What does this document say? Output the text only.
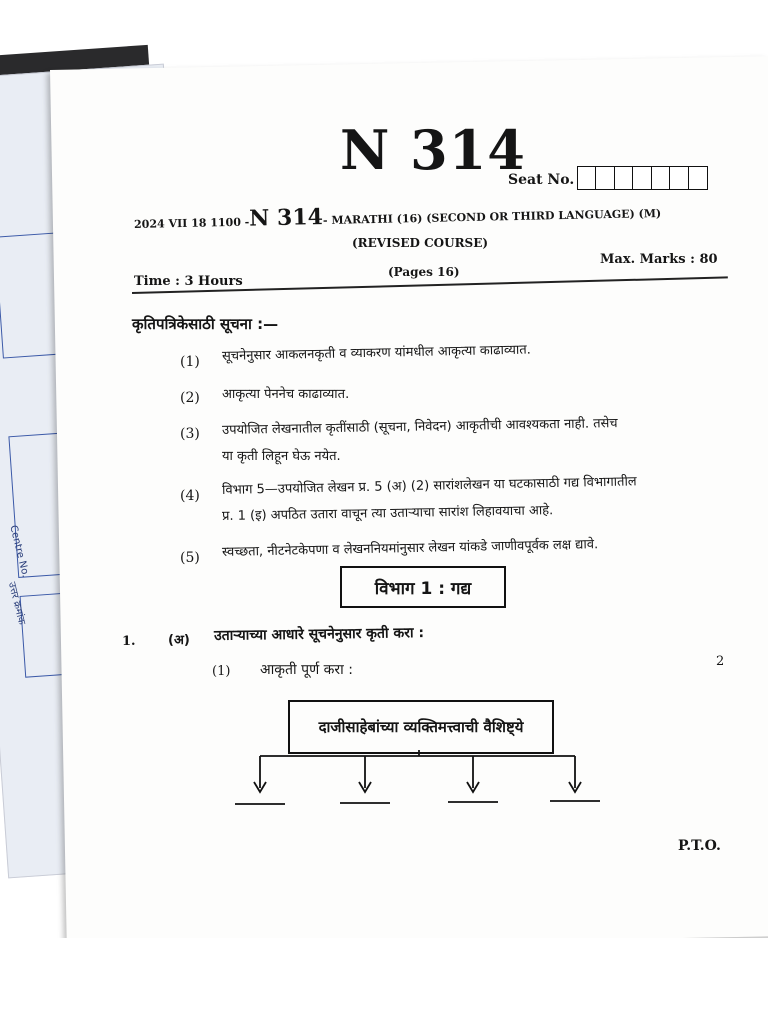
Centre No.
उत्तर क्रमांक
N 314
Seat No.
2024 VII 18 1100 -N 314- MARATHI (16) (SECOND OR THIRD LANGUAGE) (M)
(REVISED COURSE)
Time : 3 Hours
(Pages 16)
Max. Marks : 80
कृतिपत्रिकेसाठी सूचना :—
(1) सूचनेनुसार आकलनकृती व व्याकरण यांमधील आकृत्या काढाव्यात.
(2) आकृत्या पेननेच काढाव्यात.
(3) उपयोजित लेखनातील कृतींसाठी (सूचना, निवेदन) आकृतीची आवश्यकता नाही. तसेच
या कृती लिहून घेऊ नयेत.
(4) विभाग 5—उपयोजित लेखन प्र. 5 (अ) (2) सारांशलेखन या घटकासाठी गद्य विभागातील
प्र. 1 (इ) अपठित उतारा वाचून त्या उताऱ्याचा सारांश लिहावयाचा आहे.
(5) स्वच्छता, नीटनेटकेपणा व लेखननियमांनुसार लेखन यांकडे जाणीवपूर्वक लक्ष द्यावे.
विभाग 1 : गद्य
1. (अ) उताऱ्याच्या आधारे सूचनेनुसार कृती करा :
(1) आकृती पूर्ण करा :
2
दाजीसाहेबांच्या व्यक्तिमत्त्वाची वैशिष्ट्ये
P.T.O.
